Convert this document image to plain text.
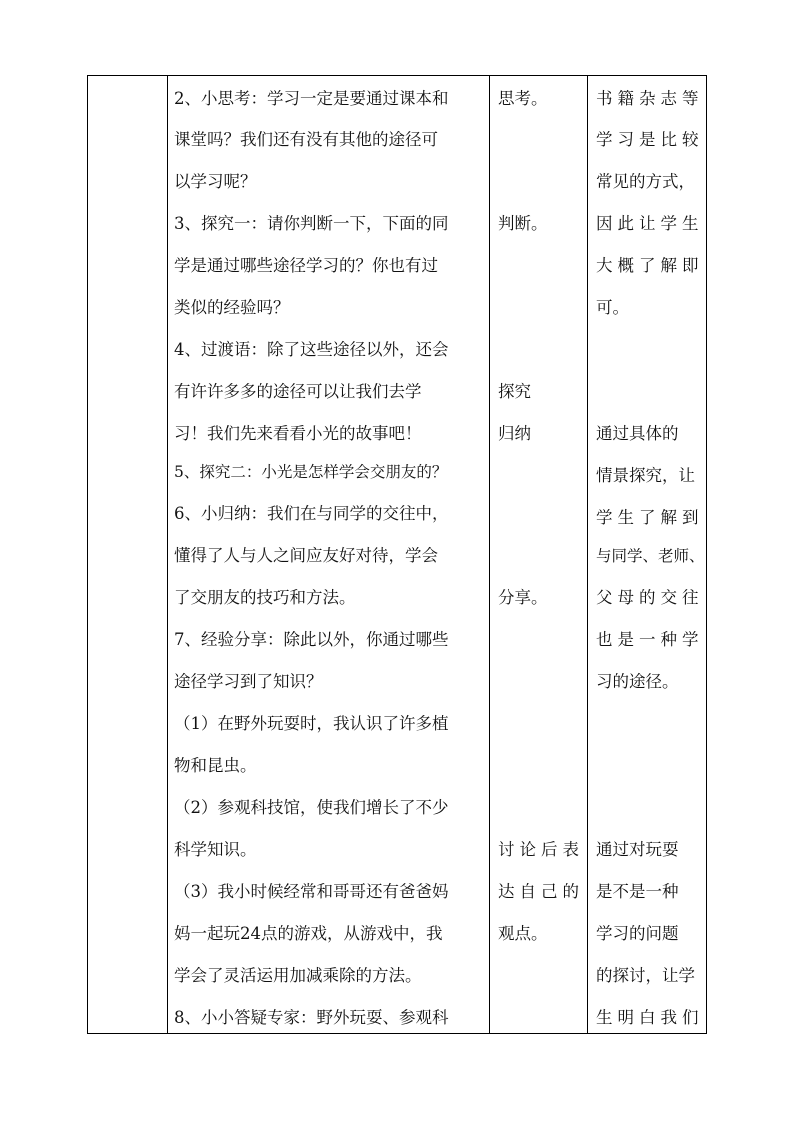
2、小思考：学习一定是要通过课本和
课堂吗？我们还有没有其他的途径可
以学习呢？
3、探究一：请你判断一下，下面的同
学是通过哪些途径学习的？你也有过
类似的经验吗？
4、过渡语：除了这些途径以外，还会
有许许多多的途径可以让我们去学
习！我们先来看看小光的故事吧！
5、探究二：小光是怎样学会交朋友的？
6、小归纳：我们在与同学的交往中，
懂得了人与人之间应友好对待，学会
了交朋友的技巧和方法。
7、经验分享：除此以外，你通过哪些
途径学习到了知识？
（1）在野外玩耍时，我认识了许多植
物和昆虫。
（2）参观科技馆，使我们增长了不少
科学知识。
（3）我小时候经常和哥哥还有爸爸妈
妈一起玩24点的游戏，从游戏中，我
学会了灵活运用加减乘除的方法。
8、小小答疑专家：野外玩耍、参观科
思考。
判断。
探究
归纳
分享。
讨论后表
达自己的
观点。
书籍杂志等
学习是比较
常见的方式，
因此让学生
大概了解即
可。
通过具体的
情景探究，让
学生了解到
与同学、老师、
父母的交往
也是一种学
习的途径。
通过对玩耍
是不是一种
学习的问题
的探讨，让学
生明白我们
